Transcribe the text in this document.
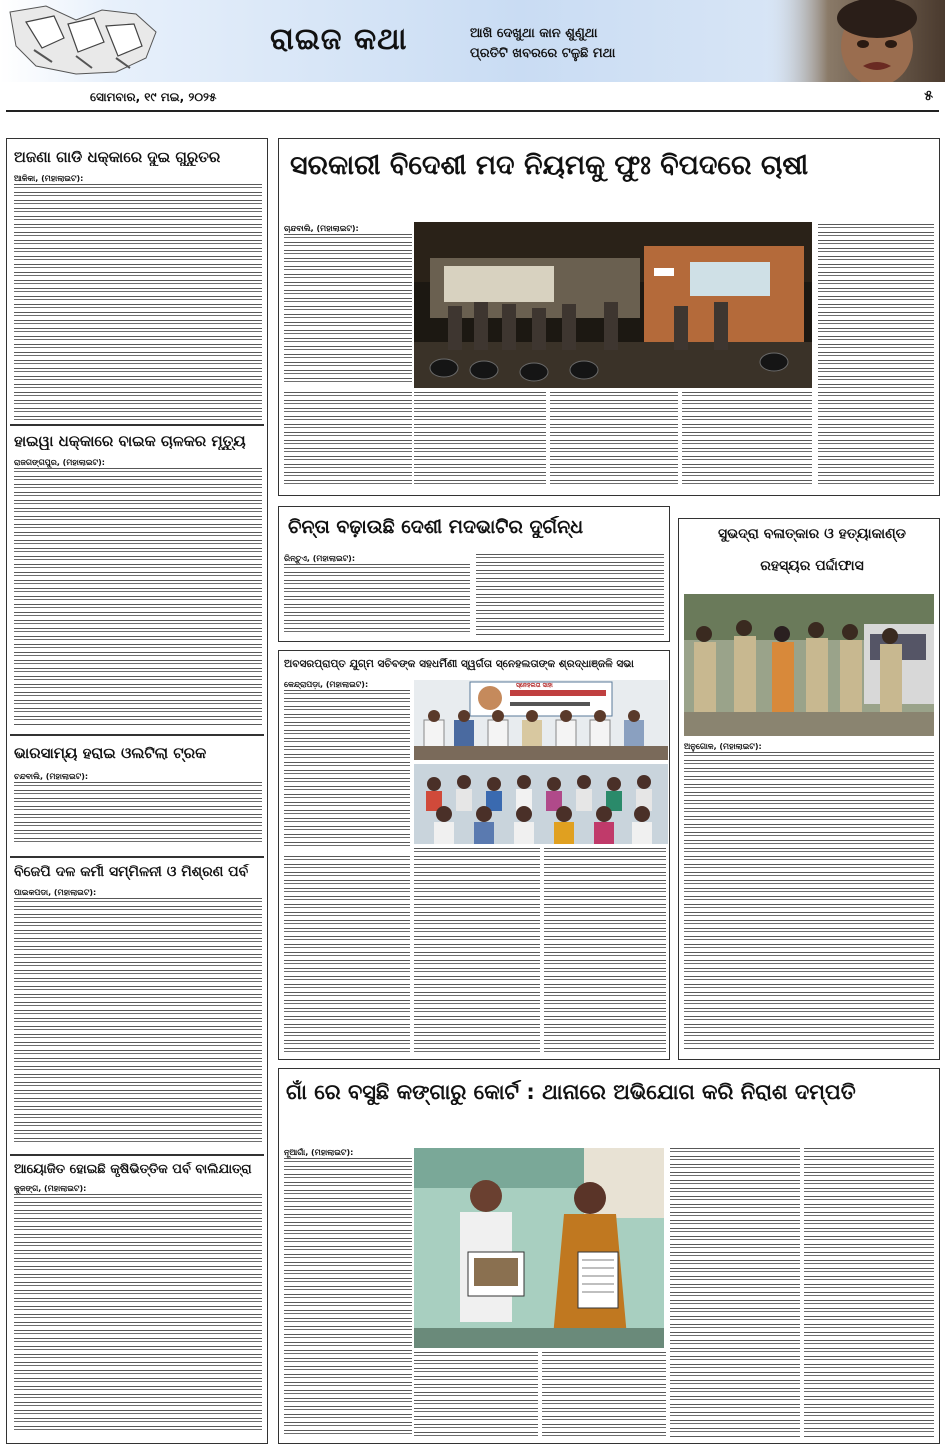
ରାଇଜ କଥା	ଆଖି ଦେଖୁଥା କାନ ଶୁଣୁଥା
ପ୍ରତିଟି ଖବରରେ ଟଳୁଛି ମଥା
ସୋମବାର, ୧୯ ମଇ, ୨୦୨୫	୫
ଅଜଣା ଗାଡି ଧକ୍କାରେ ଦୁଇ ଗୁରୁତର
ଆଳିକା, (ମହାଲାଇଟ):
ହାଇୱା ଧକ୍କାରେ ବାଇକ ଚାଳକର ମୃତ୍ୟୁ
ରାଜଗଙ୍ଗପୁର, (ମହାଲାଇଟ):
ଭାରସାମ୍ୟ ହରାଇ ଓଲଟିଲା ଟ୍ରକ
ଚନ୍ଦବାଲି, (ମହାଲାଇଟ):
ବିଜେପି ଦଳ କର୍ମୀ ସମ୍ମିଳନୀ ଓ ମିଶ୍ରଣ ପର୍ବ
ପାଇକପଡା, (ମହାଲାଇଟ):
ଆୟୋଜିତ ହୋଇଛି କୃଷିଭିତ୍ତିକ ପର୍ବ ବାଲିଯାତ୍ରା
କୁଜଙ୍ଗ, (ମହାଲାଇଟ):
ସରକାରୀ ବିଦେଶୀ ମଦ ନିୟମକୁ ଫୁଃ ବିପଦରେ ଚାଷୀ
ଚାନ୍ଦବାଲି, (ମହାଲାଇଟ):
ଚିନ୍ତା ବଢ଼ାଉଛି ଦେଶୀ ମଦଭାଟିର ଦୁର୍ଗନ୍ଧ
ରିନ୍ତୁଏ, (ମହାଲାଇଟ):
ଅବସରପ୍ରାପ୍ତ ଯୁଗ୍ମ ସଚିବଙ୍କ ସହଧର୍ମିଣୀ ସ୍ୱର୍ଗତା ସ୍ନେହଲତାଙ୍କ ଶ୍ରଦ୍ଧାଞ୍ଜଳି ସଭା
କେନ୍ଦ୍ରାପଡ଼ା, (ମହାଲାଇଟ):	ସ୍ନେହଲତା ସାହା
ସୁଭଦ୍ରା ବଳାତ୍କାର ଓ ହତ୍ୟାକାଣ୍ଡ
ରହସ୍ୟର ପର୍ଦ୍ଦାଫାସ
ଅନୁଗୋଳ, (ମହାଲାଇଟ):
ଗାଁ ରେ ବସୁଛି କଙ୍ଗାରୁ କୋର୍ଟ : ଥାନାରେ ଅଭିଯୋଗ କରି ନିରାଶ ଦମ୍ପତି
ନୂଆଗାଁ, (ମହାଲାଇଟ):
